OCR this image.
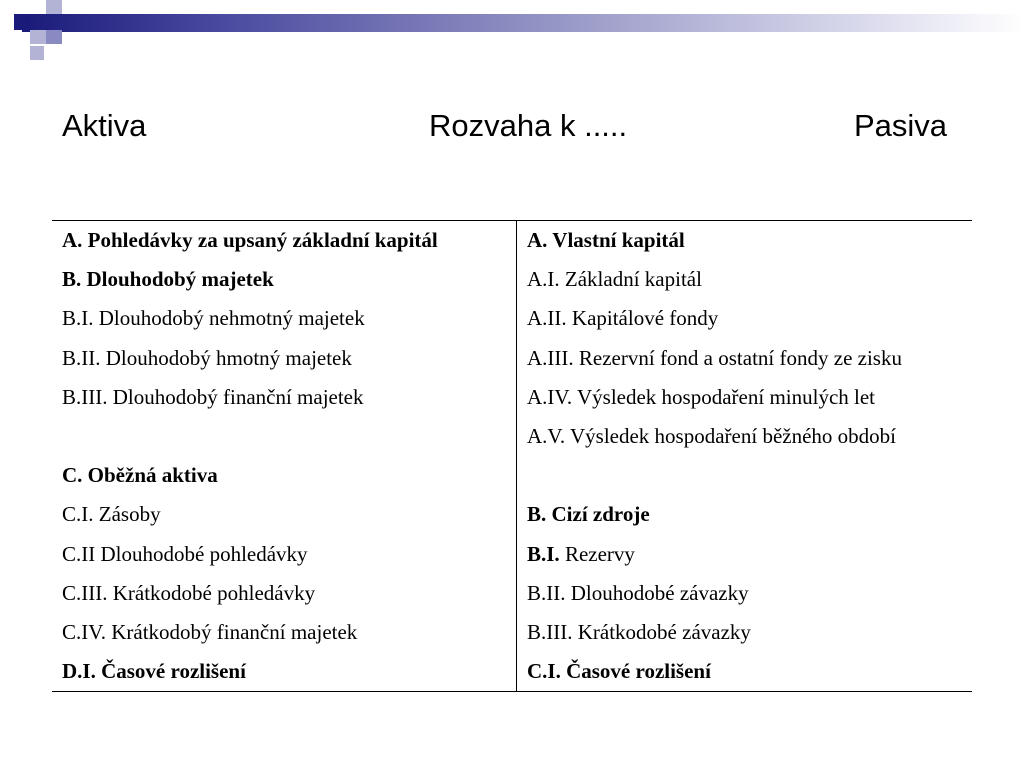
Aktiva	Rozvaha k .....	Pasiva
A. Pohledávky za upsaný základní kapitál	A. Vlastní kapitál
B. Dlouhodobý majetek	A.I. Základní kapitál
B.I. Dlouhodobý nehmotný majetek	A.II. Kapitálové fondy
B.II. Dlouhodobý hmotný majetek	A.III. Rezervní fond a ostatní fondy ze zisku
B.III. Dlouhodobý finanční majetek	A.IV. Výsledek hospodaření minulých let
	A.V. Výsledek hospodaření běžného období
C. Oběžná aktiva	
C.I. Zásoby	B. Cizí zdroje
C.II Dlouhodobé pohledávky	B.I. Rezervy
C.III. Krátkodobé pohledávky	B.II. Dlouhodobé závazky
C.IV. Krátkodobý finanční majetek	B.III. Krátkodobé závazky
D.I. Časové rozlišení	C.I. Časové rozlišení
